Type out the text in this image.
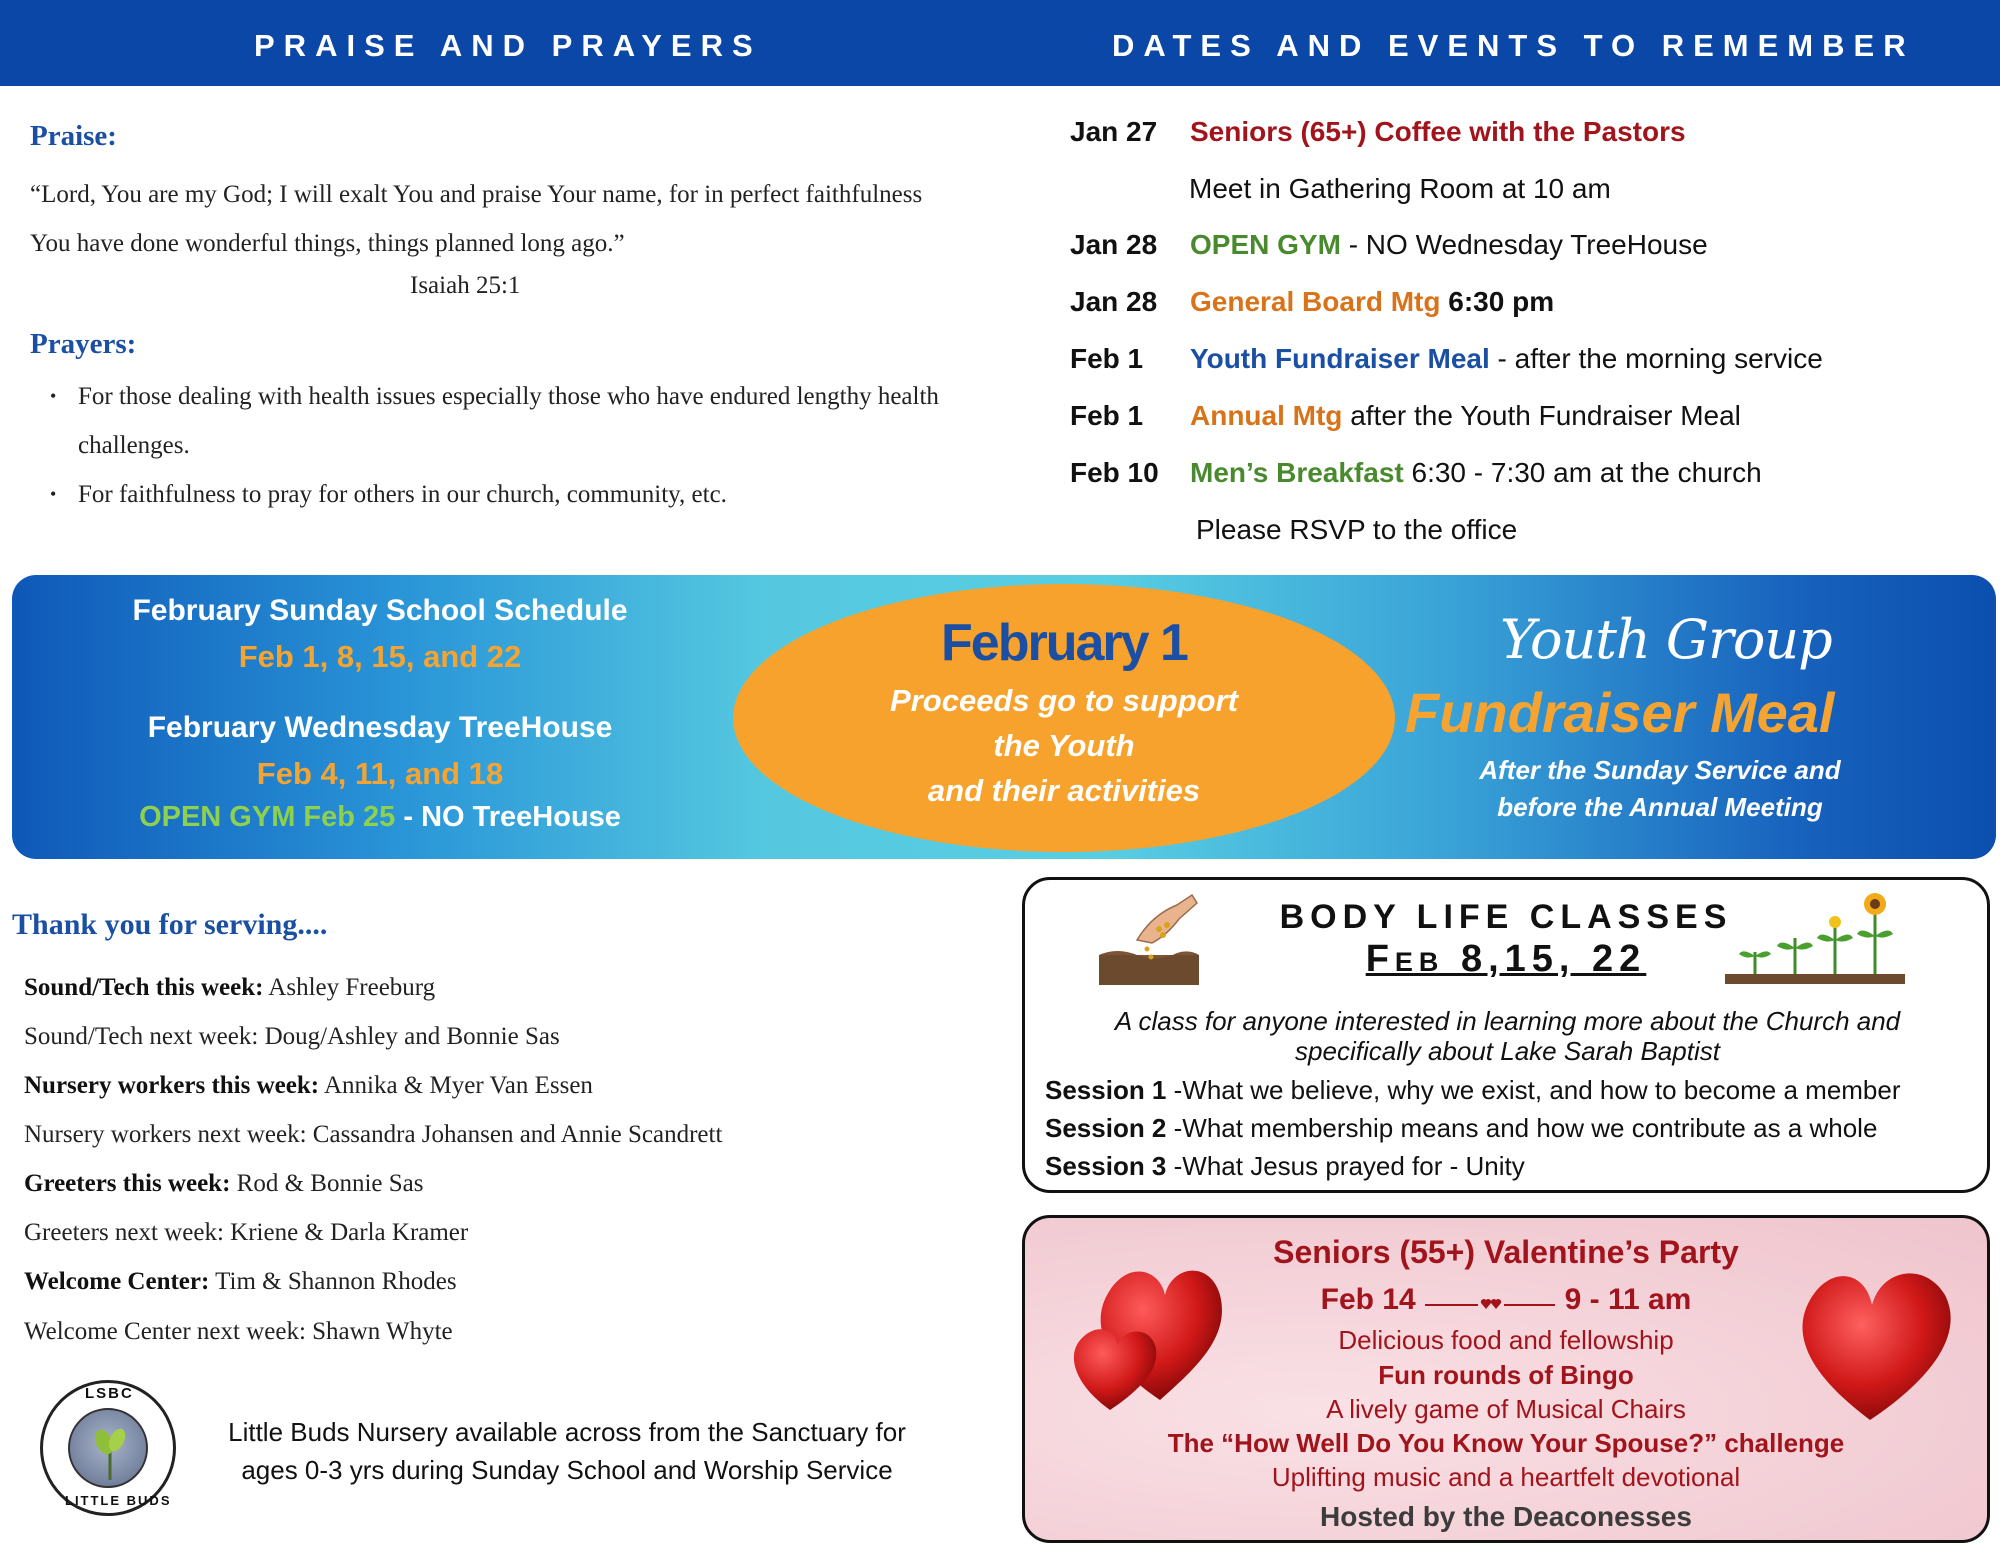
PRAISE AND PRAYERS	DATES AND EVENTS TO REMEMBER
Praise:
“Lord, You are my God; I will exalt You and praise Your name, for in perfect faithfulness You have done wonderful things, things planned long ago.”
Isaiah 25:1
Prayers:
• For those dealing with health issues especially those who have endured lengthy health challenges.
• For faithfulness to pray for others in our church, community, etc.
Jan 27 Seniors (65+) Coffee with the Pastors
Meet in Gathering Room at 10 am
Jan 28 OPEN GYM - NO Wednesday TreeHouse
Jan 28 General Board Mtg 6:30 pm
Feb 1 Youth Fundraiser Meal - after the morning service
Feb 1 Annual Mtg after the Youth Fundraiser Meal
Feb 10 Men’s Breakfast 6:30 - 7:30 am at the church
Please RSVP to the office
February Sunday School Schedule
Feb 1, 8, 15, and 22
February Wednesday TreeHouse
Feb 4, 11, and 18
OPEN GYM Feb 25 - NO TreeHouse
February 1
Proceeds go to support
the Youth
and their activities
Youth Group
Fundraiser Meal
After the Sunday Service and
before the Annual Meeting
Thank you for serving....
Sound/Tech this week: Ashley Freeburg
Sound/Tech next week: Doug/Ashley and Bonnie Sas
Nursery workers this week: Annika & Myer Van Essen
Nursery workers next week: Cassandra Johansen and Annie Scandrett
Greeters this week: Rod & Bonnie Sas
Greeters next week: Kriene & Darla Kramer
Welcome Center: Tim & Shannon Rhodes
Welcome Center next week: Shawn Whyte
LSBC
LITTLE BUDS
Little Buds Nursery available across from the Sanctuary for ages 0-3 yrs during Sunday School and Worship Service
BODY LIFE CLASSES
Feb 8,15, 22
A class for anyone interested in learning more about the Church and
specifically about Lake Sarah Baptist
Session 1 -What we believe, why we exist, and how to become a member
Session 2 -What membership means and how we contribute as a whole
Session 3 -What Jesus prayed for - Unity
Seniors (55+) Valentine’s Party
Feb 14	9 - 11 am
Delicious food and fellowship
Fun rounds of Bingo
A lively game of Musical Chairs
The “How Well Do You Know Your Spouse?” challenge
Uplifting music and a heartfelt devotional
Hosted by the Deaconesses
